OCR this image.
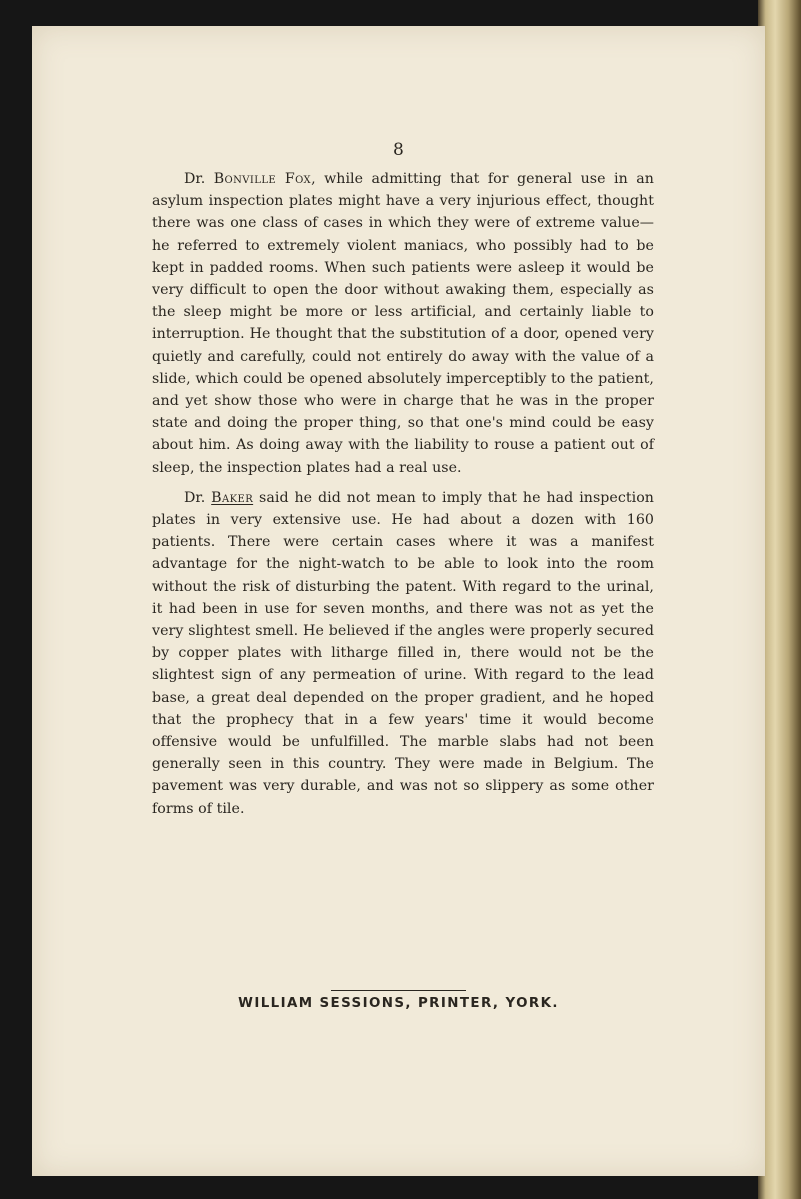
8

Dr. Bonville Fox, while admitting that for general use in an asylum inspection plates might have a very injurious effect, thought there was one class of cases in which they were of extreme value—he referred to extremely violent maniacs, who possibly had to be kept in padded rooms. When such patients were asleep it would be very difficult to open the door without awaking them, especially as the sleep might be more or less artificial, and certainly liable to interruption. He thought that the substitution of a door, opened very quietly and carefully, could not entirely do away with the value of a slide, which could be opened absolutely imperceptibly to the patient, and yet show those who were in charge that he was in the proper state and doing the proper thing, so that one's mind could be easy about him. As doing away with the liability to rouse a patient out of sleep, the inspection plates had a real use.

Dr. Baker said he did not mean to imply that he had inspection plates in very extensive use. He had about a dozen with 160 patients. There were certain cases where it was a manifest advantage for the night-watch to be able to look into the room without the risk of disturbing the patent. With regard to the urinal, it had been in use for seven months, and there was not as yet the very slightest smell. He believed if the angles were properly secured by copper plates with litharge filled in, there would not be the slightest sign of any permeation of urine. With regard to the lead base, a great deal depended on the proper gradient, and he hoped that the prophecy that in a few years' time it would become offensive would be unfulfilled. The marble slabs had not been generally seen in this country. They were made in Belgium. The pavement was very durable, and was not so slippery as some other forms of tile.

WILLIAM SESSIONS, PRINTER, YORK.
